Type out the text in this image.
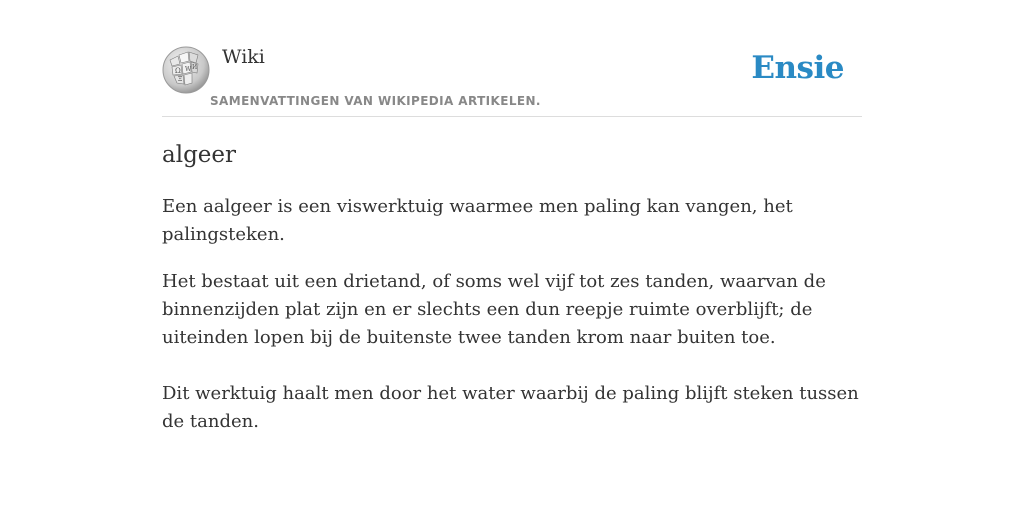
Ω W И
Ξ

Wiki

SAMENVATTINGEN VAN WIKIPEDIA ARTIKELEN.
Ensie
algeer

Een aalgeer is een viswerktuig waarmee men paling kan vangen, het palingsteken.

Het bestaat uit een drietand, of soms wel vijf tot zes tanden, waarvan de binnenzijden plat zijn en er slechts een dun reepje ruimte overblijft; de uiteinden lopen bij de buitenste twee tanden krom naar buiten toe.

Dit werktuig haalt men door het water waarbij de paling blijft steken tussen de tanden.
